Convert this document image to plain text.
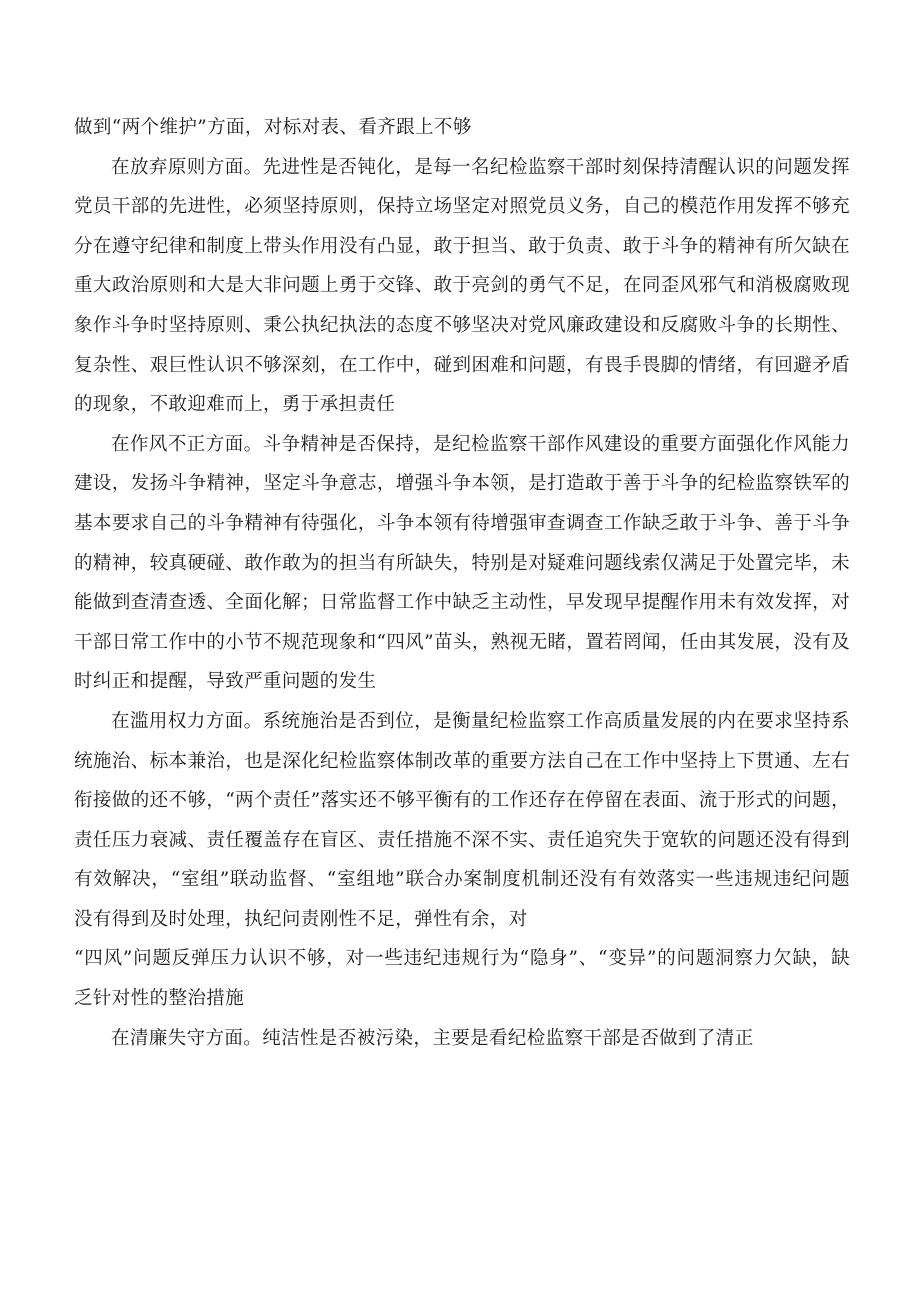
做到“两个维护”方面，对标对表、看齐跟上不够

在放弃原则方面。先进性是否钝化，是每一名纪检监察干部时刻保持清醒认识的问题发挥党员干部的先进性，必须坚持原则，保持立场坚定对照党员义务，自己的模范作用发挥不够充分在遵守纪律和制度上带头作用没有凸显，敢于担当、敢于负责、敢于斗争的精神有所欠缺在重大政治原则和大是大非问题上勇于交锋、敢于亮剑的勇气不足，在同歪风邪气和消极腐败现象作斗争时坚持原则、秉公执纪执法的态度不够坚决对党风廉政建设和反腐败斗争的长期性、复杂性、艰巨性认识不够深刻，在工作中，碰到困难和问题，有畏手畏脚的情绪，有回避矛盾的现象，不敢迎难而上，勇于承担责任

在作风不正方面。斗争精神是否保持，是纪检监察干部作风建设的重要方面强化作风能力建设，发扬斗争精神，坚定斗争意志，增强斗争本领，是打造敢于善于斗争的纪检监察铁军的基本要求自己的斗争精神有待强化，斗争本领有待增强审查调查工作缺乏敢于斗争、善于斗争的精神，较真硬碰、敢作敢为的担当有所缺失，特别是对疑难问题线索仅满足于处置完毕，未能做到查清查透、全面化解；日常监督工作中缺乏主动性，早发现早提醒作用未有效发挥，对干部日常工作中的小节不规范现象和“四风”苗头，熟视无睹，置若罔闻，任由其发展，没有及时纠正和提醒，导致严重问题的发生

在滥用权力方面。系统施治是否到位，是衡量纪检监察工作高质量发展的内在要求坚持系统施治、标本兼治，也是深化纪检监察体制改革的重要方法自己在工作中坚持上下贯通、左右衔接做的还不够，“两个责任”落实还不够平衡有的工作还存在停留在表面、流于形式的问题，责任压力衰减、责任覆盖存在盲区、责任措施不深不实、责任追究失于宽软的问题还没有得到有效解决，“室组”联动监督、“室组地”联合办案制度机制还没有有效落实一些违规违纪问题没有得到及时处理，执纪问责刚性不足，弹性有余，对

“四风”问题反弹压力认识不够，对一些违纪违规行为“隐身”、“变异”的问题洞察力欠缺，缺乏针对性的整治措施

在清廉失守方面。纯洁性是否被污染，主要是看纪检监察干部是否做到了清正
